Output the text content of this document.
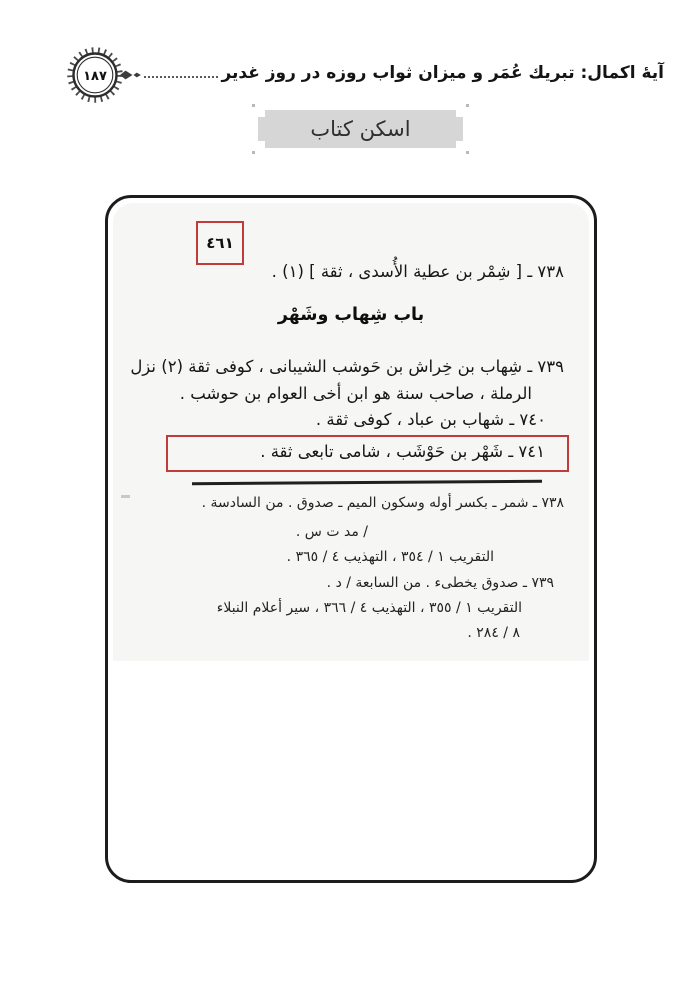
١٨٧	آيهٔ اكمال: تبريك عُمَر و ميزان ثواب روزه در روز غدير
اسكن كتاب
٤٦١
٧٣٨ ـ [ شِمْر بن عطية الأُسدى ، ثقة ] (١) .
باب شِهاب وشَهْر
٧٣٩ ـ شِهاب بن خِراش بن حَوشب الشيبانى ، كوفى ثقة (٢) نزل
الرملة ، صاحب سنة هو ابن أخى العوام بن حوشب .
٧٤٠ ـ شهاب بن عباد ، كوفى ثقة .
٧٤١ ـ شَهْر بن حَوْشَب ، شامى تابعى ثقة .
٧٣٨ ـ شمر ـ بكسر أوله وسكون الميم ـ صدوق . من السادسة .
/ مد ت س .
التقريب ١ / ٣٥٤ ، التهذيب ٤ / ٣٦٥ .
٧٣٩ ـ صدوق يخطىء . من السابعة / د .
التقريب ١ / ٣٥٥ ، التهذيب ٤ / ٣٦٦ ، سير أعلام النبلاء
٨ / ٢٨٤ .
